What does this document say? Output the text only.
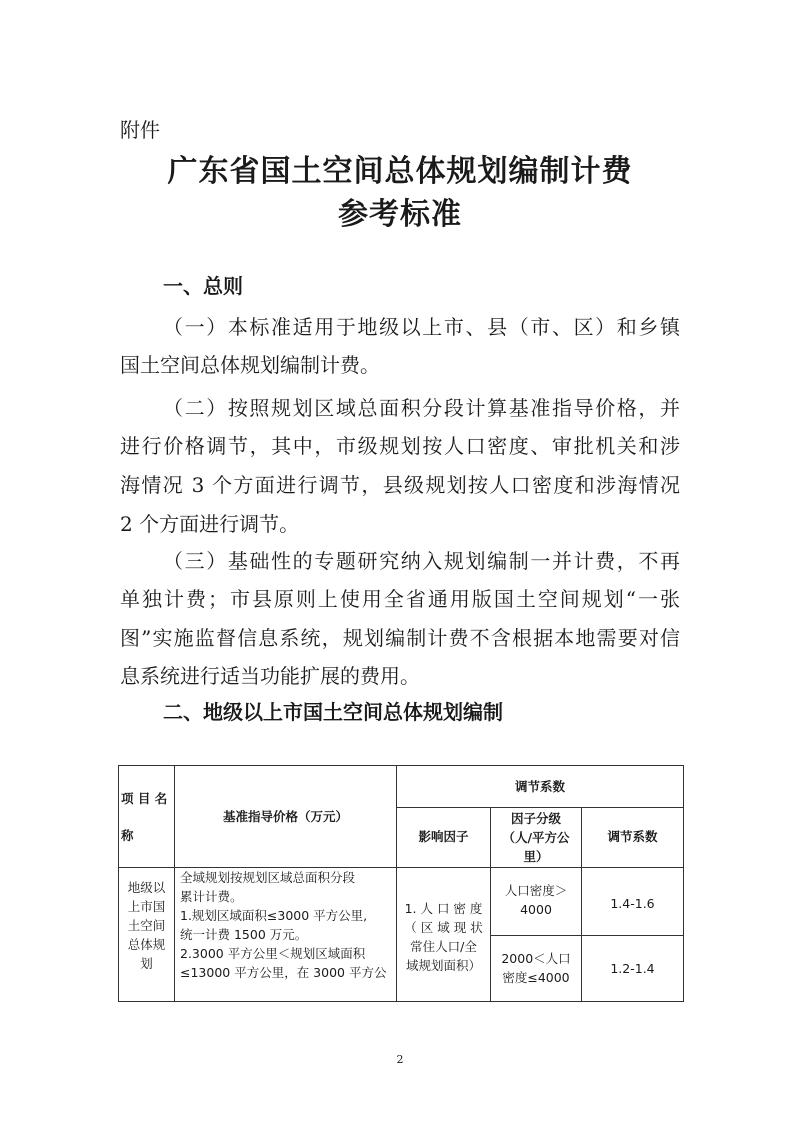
附件
广东省国土空间总体规划编制计费
参考标准
一、总则
（一）本标准适用于地级以上市、县（市、区）和乡镇
国土空间总体规划编制计费。
（二）按照规划区域总面积分段计算基准指导价格，并
进行价格调节，其中，市级规划按人口密度、审批机关和涉
海情况 3 个方面进行调节，县级规划按人口密度和涉海情况
2 个方面进行调节。
（三）基础性的专题研究纳入规划编制一并计费，不再
单独计费；市县原则上使用全省通用版国土空间规划“一张
图”实施监督信息系统，规划编制计费不含根据本地需要对信
息系统进行适当功能扩展的费用。
二、地级以上市国土空间总体规划编制
项 目 名
称
基准指导价格（万元）
调节系数
影响因子
因子分级
（人/平方公
里）
调节系数
地级以
上市国
土空间
总体规
划
全域规划按规划区域总面积分段
累计计费。
1.规划区域面积≤3000 平方公里,
统一计费 1500 万元。
2.3000 平方公里＜规划区域面积
≤13000 平方公里，在 3000 平方公
1. 人 口 密 度
（ 区 域 现 状
常住人口/全
域规划面积）
人口密度＞
4000	1.4-1.6
2000＜人口
密度≤4000
1.2-1.4
2
